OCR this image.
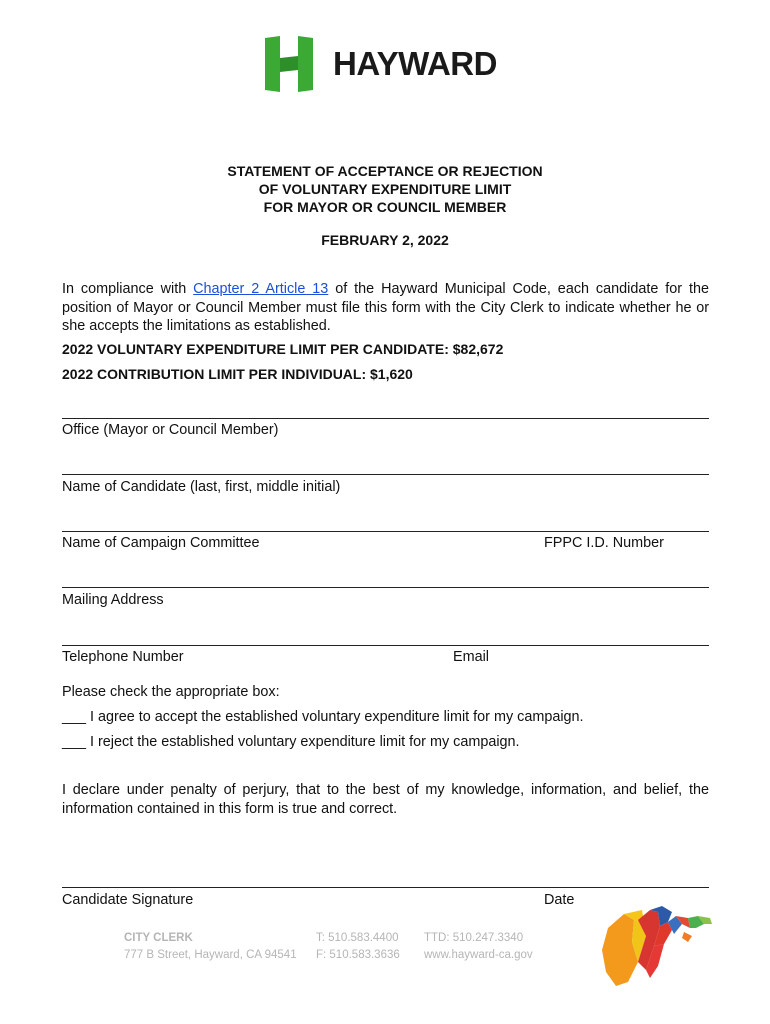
HAYWARD
STATEMENT OF ACCEPTANCE OR REJECTION
OF VOLUNTARY EXPENDITURE LIMIT
FOR MAYOR OR COUNCIL MEMBER
FEBRUARY 2, 2022
In compliance with Chapter 2 Article 13 of the Hayward Municipal Code, each candidate for the position of Mayor or Council Member must file this form with the City Clerk to indicate whether he or she accepts the limitations as established.
2022 VOLUNTARY EXPENDITURE LIMIT PER CANDIDATE: $82,672
2022 CONTRIBUTION LIMIT PER INDIVIDUAL: $1,620
Office (Mayor or Council Member)
Name of Candidate (last, first, middle initial)
Name of Campaign Committee	FPPC I.D. Number
Mailing Address
Telephone Number	Email
Please check the appropriate box:
___ I agree to accept the established voluntary expenditure limit for my campaign.
___ I reject the established voluntary expenditure limit for my campaign.
I declare under penalty of perjury, that to the best of my knowledge, information, and belief, the information contained in this form is true and correct.
Candidate Signature	Date
CITY CLERK
777 B Street, Hayward, CA 94541
T: 510.583.4400
F: 510.583.3636
TTD: 510.247.3340
www.hayward-ca.gov
